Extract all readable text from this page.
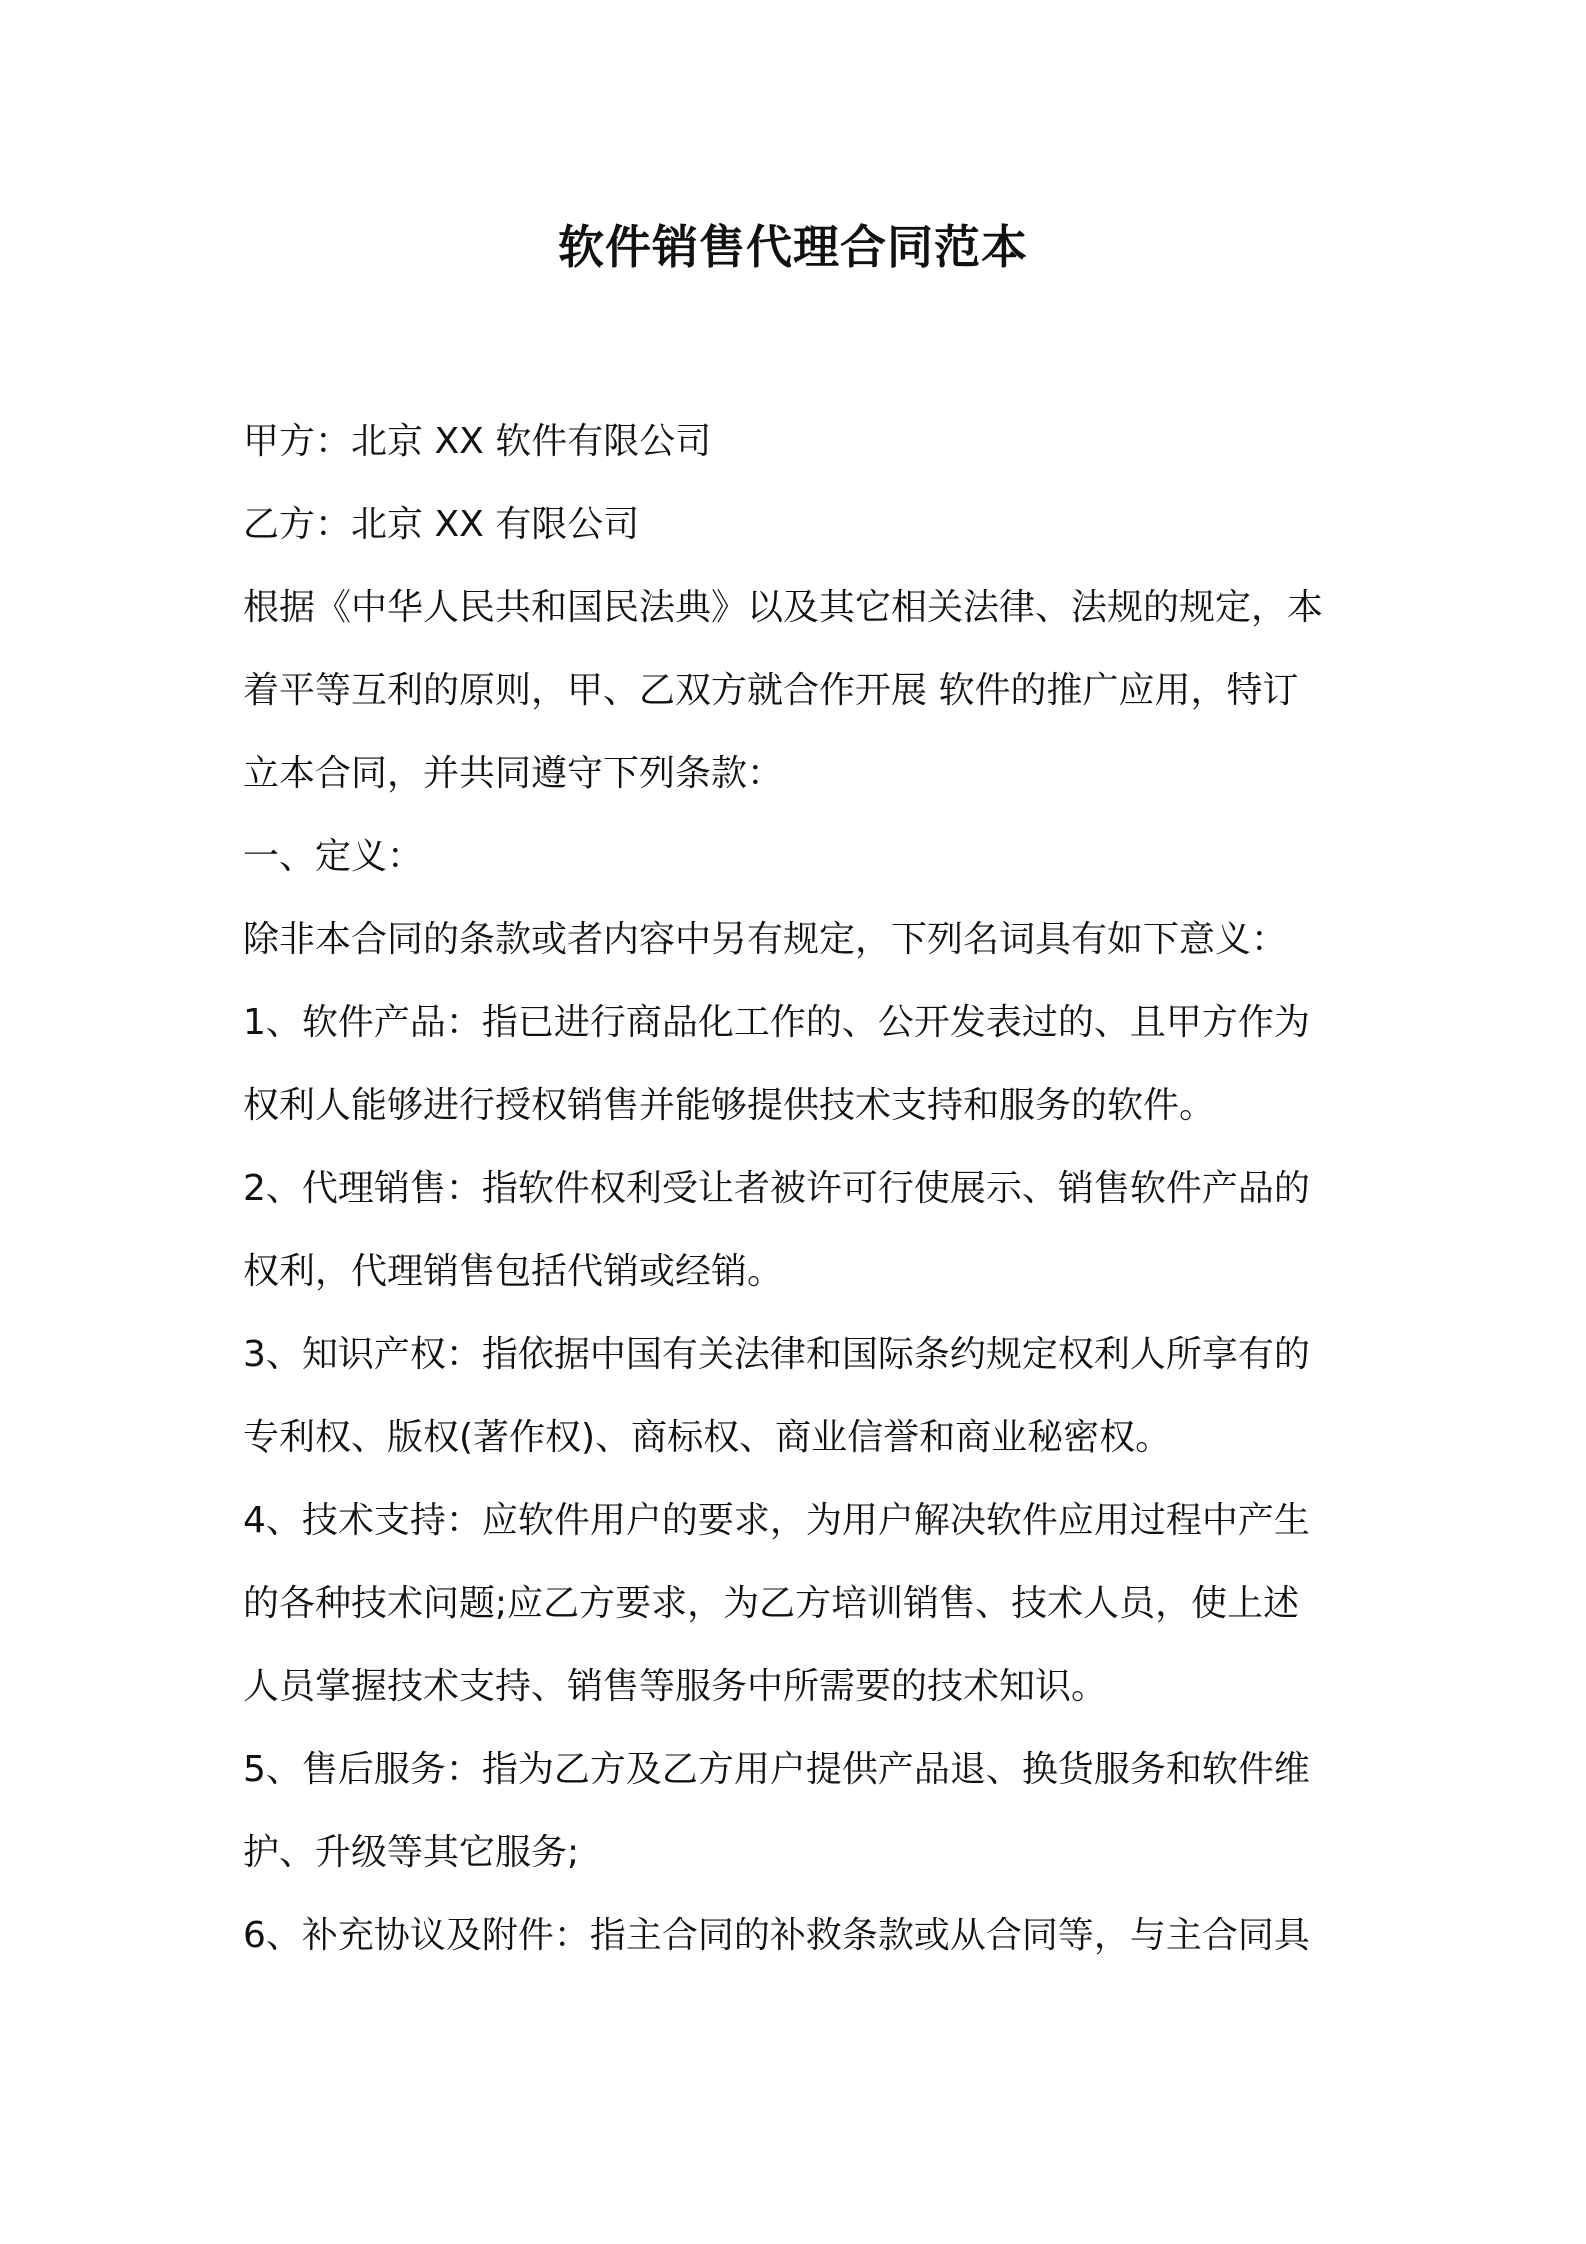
软件销售代理合同范本
甲方：北京 XX 软件有限公司
乙方：北京 XX 有限公司
根据《中华人民共和国民法典》以及其它相关法律、法规的规定，本
着平等互利的原则，甲、乙双方就合作开展 软件的推广应用，特订
立本合同，并共同遵守下列条款：
一、定义：
除非本合同的条款或者内容中另有规定，下列名词具有如下意义：
1、软件产品：指已进行商品化工作的、公开发表过的、且甲方作为
权利人能够进行授权销售并能够提供技术支持和服务的软件。
2、代理销售：指软件权利受让者被许可行使展示、销售软件产品的
权利，代理销售包括代销或经销。
3、知识产权：指依据中国有关法律和国际条约规定权利人所享有的
专利权、版权(著作权)、商标权、商业信誉和商业秘密权。
4、技术支持：应软件用户的要求，为用户解决软件应用过程中产生
的各种技术问题;应乙方要求，为乙方培训销售、技术人员，使上述
人员掌握技术支持、销售等服务中所需要的技术知识。
5、售后服务：指为乙方及乙方用户提供产品退、换货服务和软件维
护、升级等其它服务;
6、补充协议及附件：指主合同的补救条款或从合同等，与主合同具
